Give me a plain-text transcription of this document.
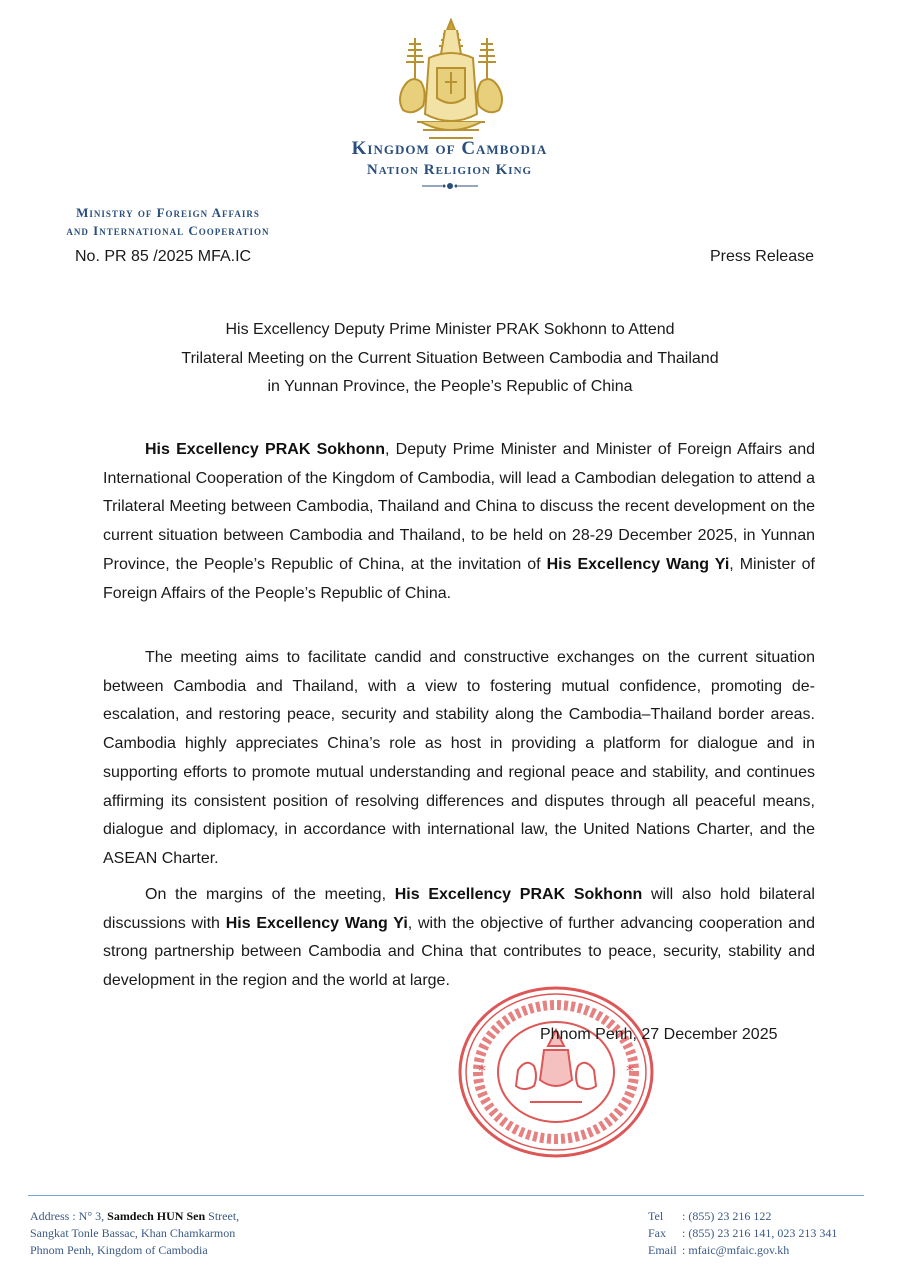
Kingdom of Cambodia
Nation Religion King
Ministry of Foreign Affairs
and International Cooperation
No. PR 85 /2025 MFA.IC	Press Release
His Excellency Deputy Prime Minister PRAK Sokhonn to Attend
Trilateral Meeting on the Current Situation Between Cambodia and Thailand
in Yunnan Province, the People’s Republic of China
His Excellency PRAK Sokhonn, Deputy Prime Minister and Minister of Foreign Affairs and International Cooperation of the Kingdom of Cambodia, will lead a Cambodian delegation to attend a Trilateral Meeting between Cambodia, Thailand and China to discuss the recent development on the current situation between Cambodia and Thailand, to be held on 28-29 December 2025, in Yunnan Province, the People’s Republic of China, at the invitation of His Excellency Wang Yi, Minister of Foreign Affairs of the People’s Republic of China.
The meeting aims to facilitate candid and constructive exchanges on the current situation between Cambodia and Thailand, with a view to fostering mutual confidence, promoting de-escalation, and restoring peace, security and stability along the Cambodia–Thailand border areas. Cambodia highly appreciates China’s role as host in providing a platform for dialogue and in supporting efforts to promote mutual understanding and regional peace and stability, and continues affirming its consistent position of resolving differences and disputes through all peaceful means, dialogue and diplomacy, in accordance with international law, the United Nations Charter, and the ASEAN Charter.
On the margins of the meeting, His Excellency PRAK Sokhonn will also hold bilateral discussions with His Excellency Wang Yi, with the objective of further advancing cooperation and strong partnership between Cambodia and China that contributes to peace, security, stability and development in the region and the world at large.
*	*
Phnom Penh, 27 December 2025
Address : N° 3, Samdech HUN Sen Street,
Sangkat Tonle Bassac, Khan Chamkarmon
Phnom Penh, Kingdom of Cambodia
Tel : (855) 23 216 122
Fax : (855) 23 216 141, 023 213 341
Email : mfaic@mfaic.gov.kh
